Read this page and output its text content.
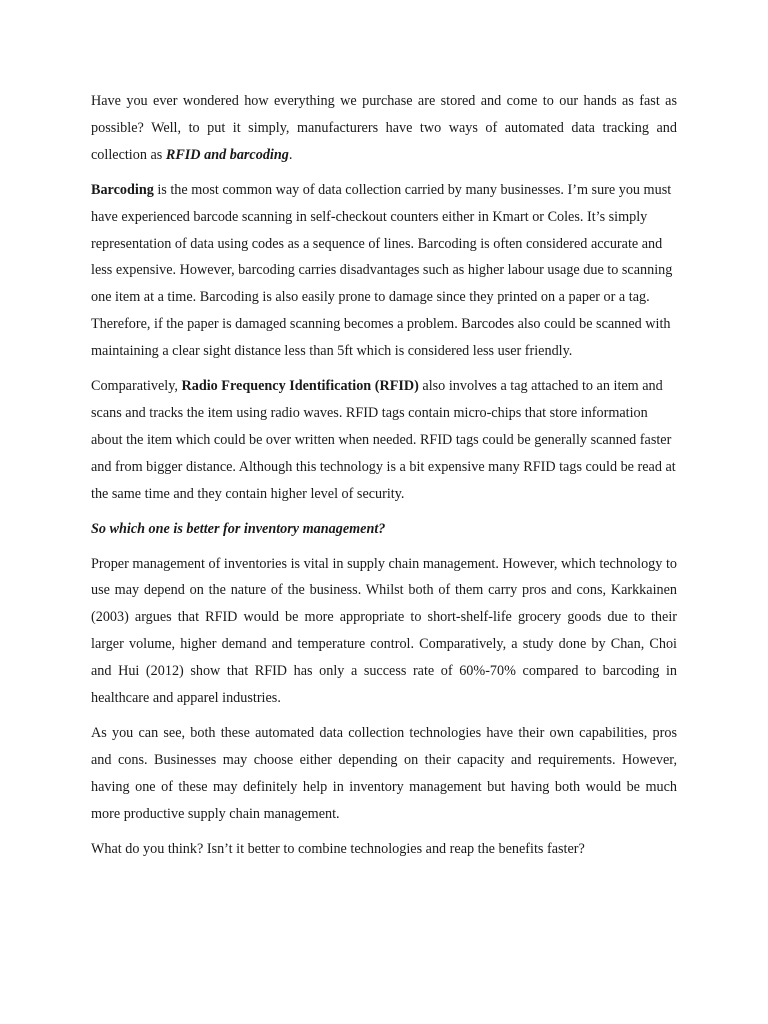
Have you ever wondered how everything we purchase are stored and come to our hands as fast as possible? Well, to put it simply, manufacturers have two ways of automated data tracking and collection as RFID and barcoding.

Barcoding is the most common way of data collection carried by many businesses. I’m sure you must have experienced barcode scanning in self-checkout counters either in Kmart or Coles. It’s simply representation of data using codes as a sequence of lines. Barcoding is often considered accurate and less expensive. However, barcoding carries disadvantages such as higher labour usage due to scanning one item at a time. Barcoding is also easily prone to damage since they printed on a paper or a tag. Therefore, if the paper is damaged scanning becomes a problem. Barcodes also could be scanned with maintaining a clear sight distance less than 5ft which is considered less user friendly.

Comparatively, Radio Frequency Identification (RFID) also involves a tag attached to an item and scans and tracks the item using radio waves. RFID tags contain micro-chips that store information about the item which could be over written when needed. RFID tags could be generally scanned faster and from bigger distance. Although this technology is a bit expensive many RFID tags could be read at the same time and they contain higher level of security.

So which one is better for inventory management?

Proper management of inventories is vital in supply chain management. However, which technology to use may depend on the nature of the business. Whilst both of them carry pros and cons, Karkkainen (2003) argues that RFID would be more appropriate to short-shelf-life grocery goods due to their larger volume, higher demand and temperature control. Comparatively, a study done by Chan, Choi and Hui (2012) show that RFID has only a success rate of 60%-70% compared to barcoding in healthcare and apparel industries.

As you can see, both these automated data collection technologies have their own capabilities, pros and cons. Businesses may choose either depending on their capacity and requirements. However, having one of these may definitely help in inventory management but having both would be much more productive supply chain management.

What do you think? Isn’t it better to combine technologies and reap the benefits faster?
